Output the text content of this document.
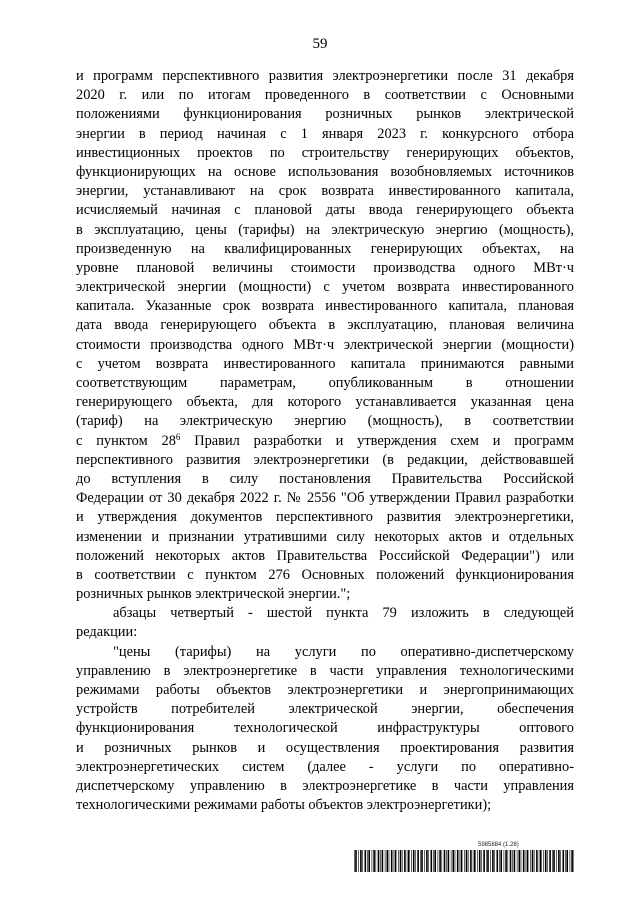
59
и программ перспективного развития электроэнергетики после 31 декабря
2020 г. или по итогам проведенного в соответствии с Основными
положениями функционирования розничных рынков электрической
энергии в период начиная с 1 января 2023 г. конкурсного отбора
инвестиционных проектов по строительству генерирующих объектов,
функционирующих на основе использования возобновляемых источников
энергии, устанавливают на срок возврата инвестированного капитала,
исчисляемый начиная с плановой даты ввода генерирующего объекта
в эксплуатацию, цены (тарифы) на электрическую энергию (мощность),
произведенную на квалифицированных генерирующих объектах, на
уровне плановой величины стоимости производства одного МВт·ч
электрической энергии (мощности) с учетом возврата инвестированного
капитала. Указанные срок возврата инвестированного капитала, плановая
дата ввода генерирующего объекта в эксплуатацию, плановая величина
стоимости производства одного МВт·ч электрической энергии (мощности)
с учетом возврата инвестированного капитала принимаются равными
соответствующим параметрам, опубликованным в отношении
генерирующего объекта, для которого устанавливается указанная цена
(тариф) на электрическую энергию (мощность), в соответствии
с пунктом $28^6$ Правил разработки и утверждения схем и программ
перспективного развития электроэнергетики (в редакции, действовавшей
до вступления в силу постановления Правительства Российской
Федерации от 30 декабря 2022 г. № 2556 "Об утверждении Правил разработки
и утверждения документов перспективного развития электроэнергетики,
изменении и признании утратившими силу некоторых актов и отдельных
положений некоторых актов Правительства Российской Федерации") или
в соответствии с пунктом 276 Основных положений функционирования
розничных рынков электрической энергии.";
абзацы четвертый - шестой пункта 79 изложить в следующей
редакции:
"цены (тарифы) на услуги по оперативно-диспетчерскому
управлению в электроэнергетике в части управления технологическими
режимами работы объектов электроэнергетики и энергопринимающих
устройств потребителей электрической энергии, обеспечения
функционирования технологической инфраструктуры оптового
и розничных рынков и осуществления проектирования развития
электроэнергетических систем (далее - услуги по оперативно-
диспетчерскому управлению в электроэнергетике в части управления
технологическими режимами работы объектов электроэнергетики);
5985884 (1.28)
